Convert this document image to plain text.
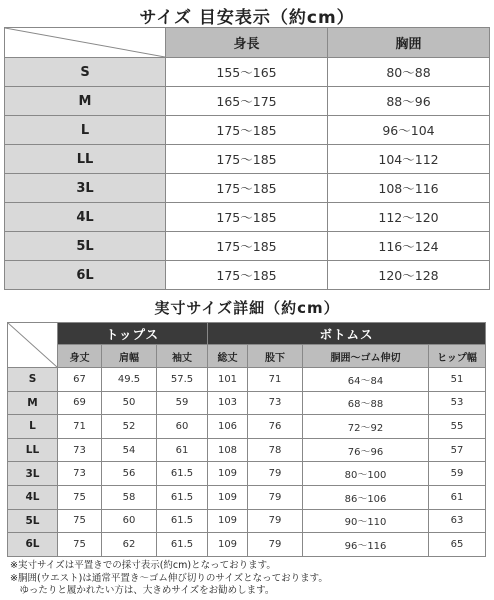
サイズ 目安表示（約cm）
	身長	胸囲
S	155～165	80～88
M	165～175	88～96
L	175～185	96～104
LL	175～185	104～112
3L	175～185	108～116
4L	175～185	112～120
5L	175～185	116～124
6L	175～185	120～128
実寸サイズ詳細（約cm）
	トップス			ボトムス			
	身丈	肩幅	袖丈	総丈	股下	胴囲～ゴム伸切	ヒップ幅
S	67	49.5	57.5	101	71	64～84	51
M	69	50	59	103	73	68～88	53
L	71	52	60	106	76	72～92	55
LL	73	54	61	108	78	76～96	57
3L	73	56	61.5	109	79	80～100	59
4L	75	58	61.5	109	79	86～106	61
5L	75	60	61.5	109	79	90～110	63
6L	75	62	61.5	109	79	96～116	65
※実寸サイズは平置きでの採寸表示(約cm)となっております。
※胴囲(ウエスト)は通常平置き～ゴム伸び切りのサイズとなっております。
　ゆったりと履かれたい方は、大きめサイズをお勧めします。
